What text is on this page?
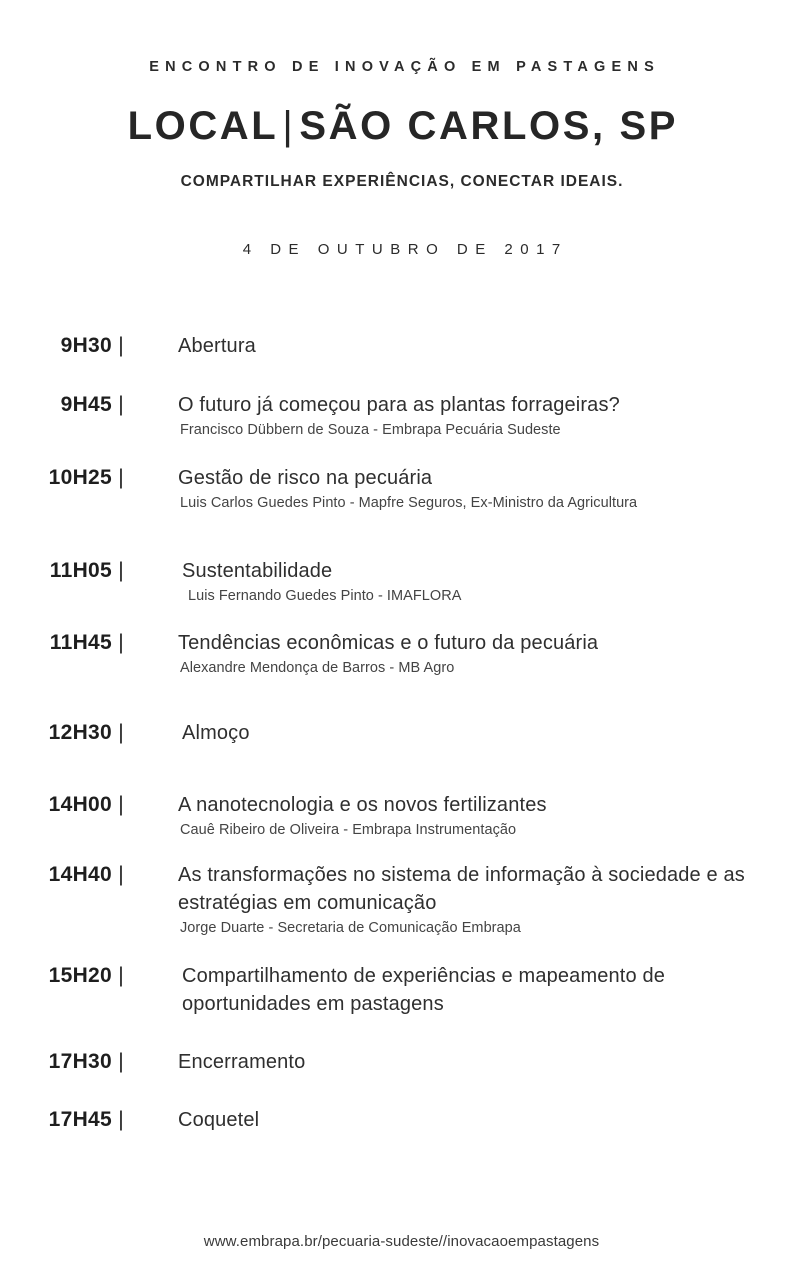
ENCONTRO DE INOVAÇÃO EM PASTAGENS
LOCAL | SÃO CARLOS, SP
COMPARTILHAR EXPERIÊNCIAS, CONECTAR IDEAIS.
4 DE OUTUBRO DE 2017
9H30 |	Abertura
9H45 |	O futuro já começou para as plantas forrageiras?
Francisco Dübbern de Souza - Embrapa Pecuária Sudeste
10H25 |	Gestão de risco na pecuária
Luis Carlos Guedes Pinto - Mapfre Seguros, Ex-Ministro da Agricultura
11H05 |	Sustentabilidade
Luis Fernando Guedes Pinto - IMAFLORA
11H45 |	Tendências econômicas e o futuro da pecuária
Alexandre Mendonça de Barros - MB Agro
12H30 |	Almoço
14H00 |	A nanotecnologia e os novos fertilizantes
Cauê Ribeiro de Oliveira - Embrapa Instrumentação
14H40 |	As transformações no sistema de informação à sociedade e as estratégias em comunicação
Jorge Duarte - Secretaria de Comunicação Embrapa
15H20 |	Compartilhamento de experiências e mapeamento de oportunidades em pastagens
17H30 |	Encerramento
17H45 |	Coquetel
www.embrapa.br/pecuaria-sudeste//inovacaoempastagens
